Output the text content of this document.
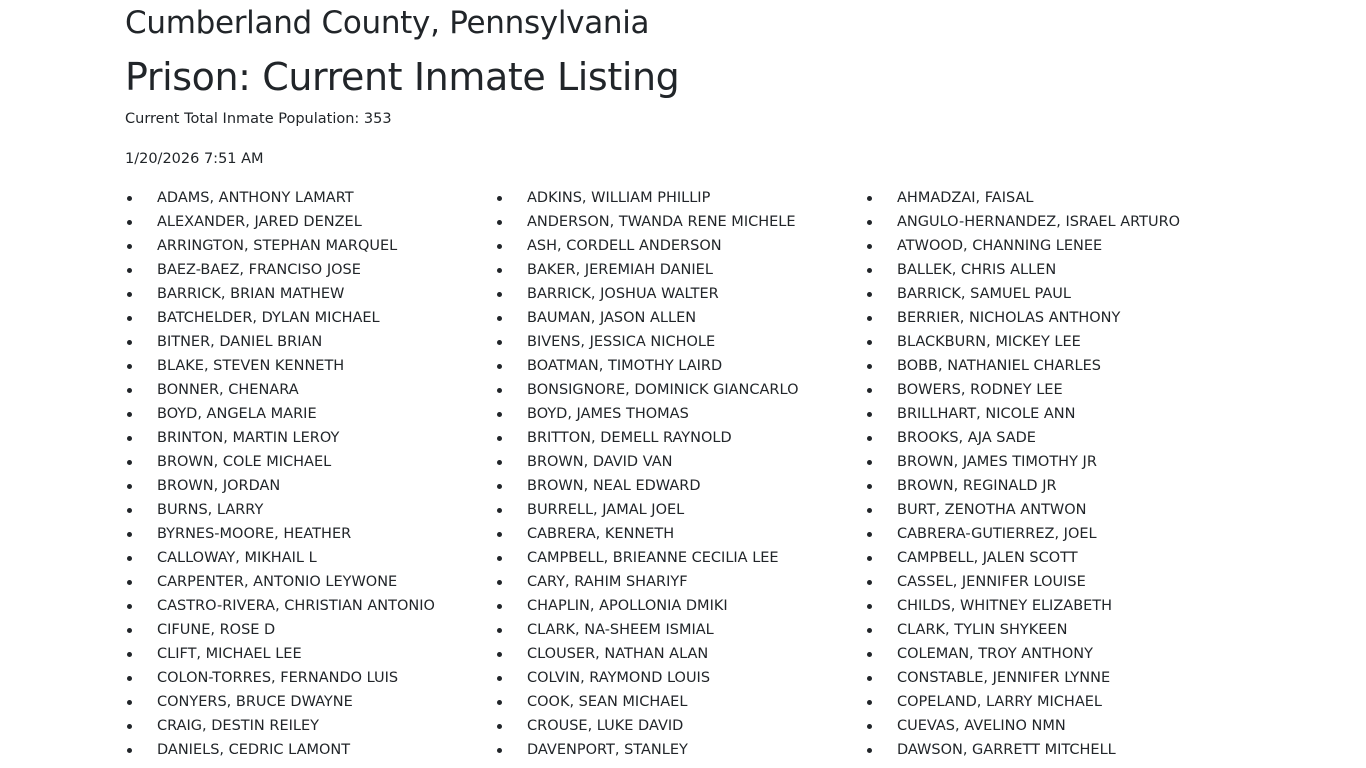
Cumberland County, Pennsylvania
Prison: Current Inmate Listing
Current Total Inmate Population: 353
1/20/2026 7:51 AM
ADAMS, ANTHONY LAMART
ALEXANDER, JARED DENZEL
ARRINGTON, STEPHAN MARQUEL
BAEZ-BAEZ, FRANCISO JOSE
BARRICK, BRIAN MATHEW
BATCHELDER, DYLAN MICHAEL
BITNER, DANIEL BRIAN
BLAKE, STEVEN KENNETH
BONNER, CHENARA
BOYD, ANGELA MARIE
BRINTON, MARTIN LEROY
BROWN, COLE MICHAEL
BROWN, JORDAN
BURNS, LARRY
BYRNES-MOORE, HEATHER
CALLOWAY, MIKHAIL L
CARPENTER, ANTONIO LEYWONE
CASTRO-RIVERA, CHRISTIAN ANTONIO
CIFUNE, ROSE D
CLIFT, MICHAEL LEE
COLON-TORRES, FERNANDO LUIS
CONYERS, BRUCE DWAYNE
CRAIG, DESTIN REILEY
DANIELS, CEDRIC LAMONT
ADKINS, WILLIAM PHILLIP
ANDERSON, TWANDA RENE MICHELE
ASH, CORDELL ANDERSON
BAKER, JEREMIAH DANIEL
BARRICK, JOSHUA WALTER
BAUMAN, JASON ALLEN
BIVENS, JESSICA NICHOLE
BOATMAN, TIMOTHY LAIRD
BONSIGNORE, DOMINICK GIANCARLO
BOYD, JAMES THOMAS
BRITTON, DEMELL RAYNOLD
BROWN, DAVID VAN
BROWN, NEAL EDWARD
BURRELL, JAMAL JOEL
CABRERA, KENNETH
CAMPBELL, BRIEANNE CECILIA LEE
CARY, RAHIM SHARIYF
CHAPLIN, APOLLONIA DMIKI
CLARK, NA-SHEEM ISMIAL
CLOUSER, NATHAN ALAN
COLVIN, RAYMOND LOUIS
COOK, SEAN MICHAEL
CROUSE, LUKE DAVID
DAVENPORT, STANLEY
AHMADZAI, FAISAL
ANGULO-HERNANDEZ, ISRAEL ARTURO
ATWOOD, CHANNING LENEE
BALLEK, CHRIS ALLEN
BARRICK, SAMUEL PAUL
BERRIER, NICHOLAS ANTHONY
BLACKBURN, MICKEY LEE
BOBB, NATHANIEL CHARLES
BOWERS, RODNEY LEE
BRILLHART, NICOLE ANN
BROOKS, AJA SADE
BROWN, JAMES TIMOTHY JR
BROWN, REGINALD JR
BURT, ZENOTHA ANTWON
CABRERA-GUTIERREZ, JOEL
CAMPBELL, JALEN SCOTT
CASSEL, JENNIFER LOUISE
CHILDS, WHITNEY ELIZABETH
CLARK, TYLIN SHYKEEN
COLEMAN, TROY ANTHONY
CONSTABLE, JENNIFER LYNNE
COPELAND, LARRY MICHAEL
CUEVAS, AVELINO NMN
DAWSON, GARRETT MITCHELL
